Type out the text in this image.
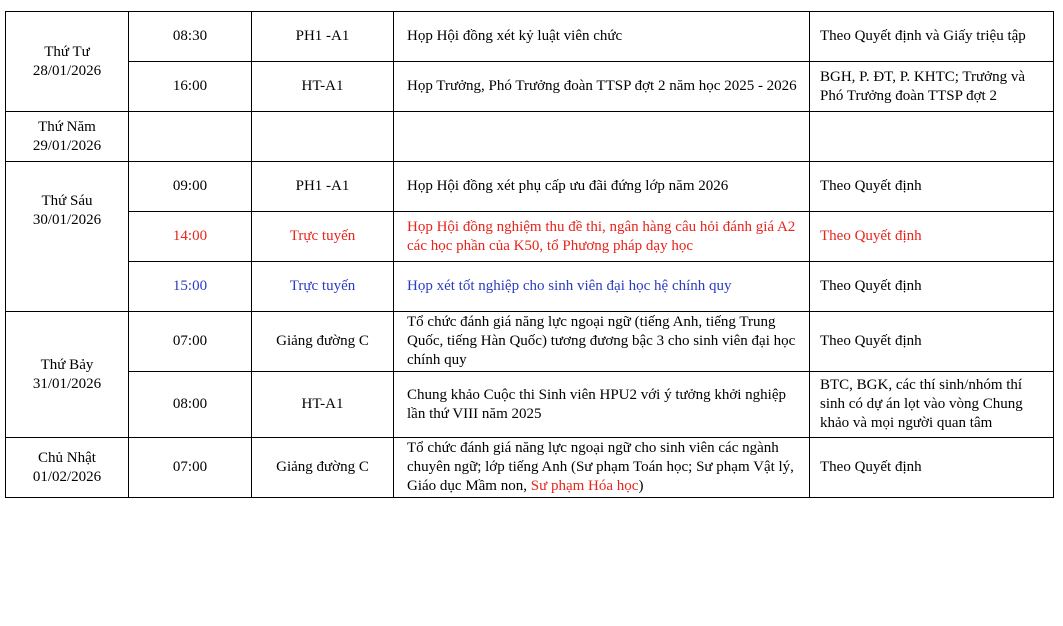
Thứ Tư
28/01/2026	08:30	PH1 -A1	Họp Hội đồng xét kỷ luật viên chức	Theo Quyết định và Giấy triệu tập
	16:00	HT-A1	Họp Trưởng, Phó Trưởng đoàn TTSP đợt 2 năm học 2025 - 2026	BGH, P. ĐT, P. KHTC; Trưởng và Phó Trưởng đoàn TTSP đợt 2

Thứ Năm
29/01/2026				

Thứ Sáu
30/01/2026	09:00	PH1 -A1	Họp Hội đồng xét phụ cấp ưu đãi đứng lớp năm 2026	Theo Quyết định
	14:00	Trực tuyến	Họp Hội đồng nghiệm thu đề thi, ngân hàng câu hỏi đánh giá A2 các học phần của K50, tổ Phương pháp dạy học	Theo Quyết định
	15:00	Trực tuyến	Họp xét tốt nghiệp cho sinh viên đại học hệ chính quy	Theo Quyết định

Thứ Bảy
31/01/2026	07:00	Giảng đường C	Tổ chức đánh giá năng lực ngoại ngữ (tiếng Anh, tiếng Trung Quốc, tiếng Hàn Quốc) tương đương bậc 3 cho sinh viên đại học chính quy	Theo Quyết định
	08:00	HT-A1	Chung khảo Cuộc thi Sinh viên HPU2 với ý tưởng khởi nghiệp lần thứ VIII năm 2025	BTC, BGK, các thí sinh/nhóm thí sinh có dự án lọt vào vòng Chung khảo và mọi người quan tâm

Chủ Nhật
01/02/2026	07:00	Giảng đường C	Tổ chức đánh giá năng lực ngoại ngữ cho sinh viên các ngành chuyên ngữ; lớp tiếng Anh (Sư phạm Toán học; Sư phạm Vật lý, Giáo dục Mầm non, Sư phạm Hóa học)	Theo Quyết định
